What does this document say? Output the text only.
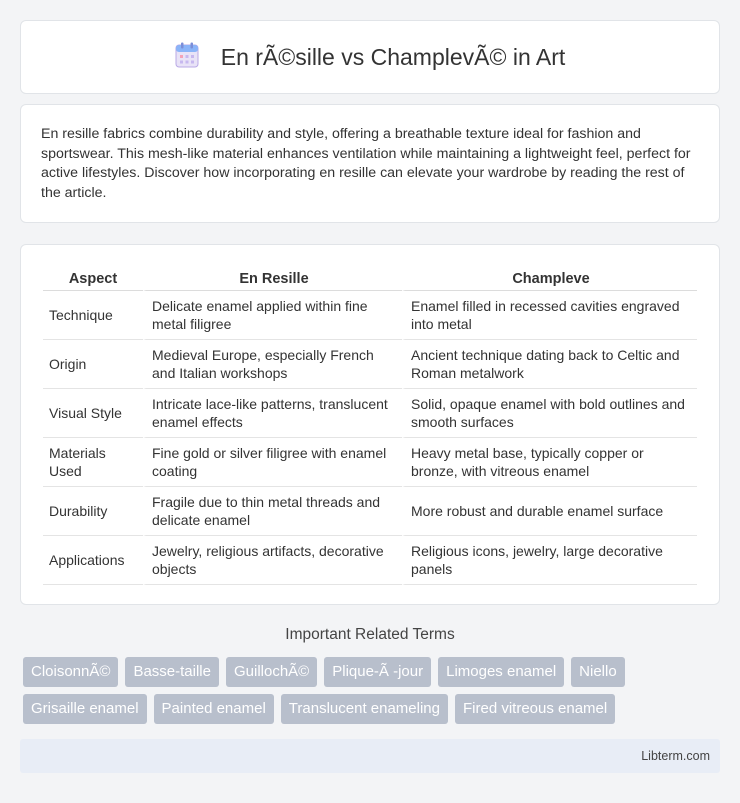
En rÃ©sille vs ChamplevÃ© in Art

En resille fabrics combine durability and style, offering a breathable texture ideal for fashion and sportswear. This mesh-like material enhances ventilation while maintaining a lightweight feel, perfect for active lifestyles. Discover how incorporating en resille can elevate your wardrobe by reading the rest of the article.

Aspect	En Resille	Champleve
Technique	Delicate enamel applied within fine metal filigree	Enamel filled in recessed cavities engraved into metal
Origin	Medieval Europe, especially French and Italian workshops	Ancient technique dating back to Celtic and Roman metalwork
Visual Style	Intricate lace-like patterns, translucent enamel effects	Solid, opaque enamel with bold outlines and smooth surfaces
Materials Used	Fine gold or silver filigree with enamel coating	Heavy metal base, typically copper or bronze, with vitreous enamel
Durability	Fragile due to thin metal threads and delicate enamel	More robust and durable enamel surface
Applications	Jewelry, religious artifacts, decorative objects	Religious icons, jewelry, large decorative panels
Important Related Terms
CloisonnÃ©	Basse-taille	GuillochÃ©	Plique-Ã -jour	Limoges enamel	Niello
Grisaille enamel	Painted enamel	Translucent enameling	Fired vitreous enamel
Libterm.com
